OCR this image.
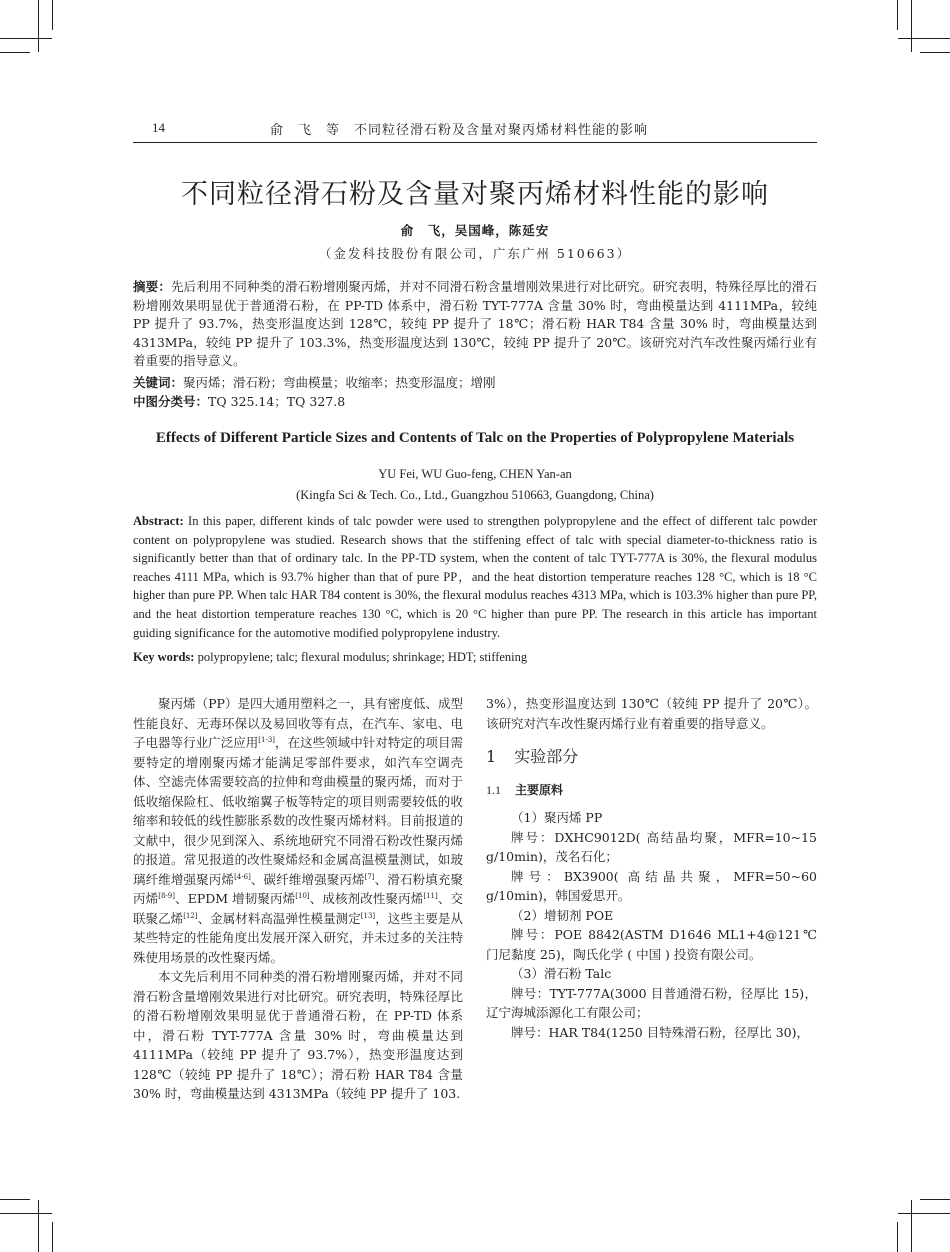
14	俞　飞　等　不同粒径滑石粉及含量对聚丙烯材料性能的影响
不同粒径滑石粉及含量对聚丙烯材料性能的影响
俞　飞，吴国峰，陈延安
（金发科技股份有限公司，广东广州 510663）
摘要：先后利用不同种类的滑石粉增刚聚丙烯，并对不同滑石粉含量增刚效果进行对比研究。研究表明，特殊径厚比的滑石粉增刚效果明显优于普通滑石粉，在 PP-TD 体系中，滑石粉 TYT-777A 含量 30% 时，弯曲模量达到 4111MPa，较纯 PP 提升了 93.7%，热变形温度达到 128℃，较纯 PP 提升了 18℃；滑石粉 HAR T84 含量 30% 时，弯曲模量达到 4313MPa，较纯 PP 提升了 103.3%，热变形温度达到 130℃，较纯 PP 提升了 20℃。该研究对汽车改性聚丙烯行业有着重要的指导意义。
关键词：聚丙烯；滑石粉；弯曲模量；收缩率；热变形温度；增刚
中图分类号：TQ 325.14；TQ 327.8
Effects of Different Particle Sizes and Contents of Talc on the Properties of Polypropylene Materials
YU Fei, WU Guo-feng, CHEN Yan-an
(Kingfa Sci & Tech. Co., Ltd., Guangzhou 510663, Guangdong, China)
Abstract: In this paper, different kinds of talc powder were used to strengthen polypropylene and the effect of different talc powder content on polypropylene was studied. Research shows that the stiffening effect of talc with special diameter-to-thickness ratio is significantly better than that of ordinary talc. In the PP-TD system, when the content of talc TYT-777A is 30%, the flexural modulus reaches 4111 MPa, which is 93.7% higher than that of pure PP，and the heat distortion temperature reaches 128 °C, which is 18 °C higher than pure PP. When talc HAR T84 content is 30%, the flexural modulus reaches 4313 MPa, which is 103.3% higher than pure PP, and the heat distortion temperature reaches 130 °C, which is 20 °C higher than pure PP. The research in this article has important guiding significance for the automotive modified polypropylene industry.
Key words: polypropylene; talc; flexural modulus; shrinkage; HDT; stiffening

聚丙烯（PP）是四大通用塑料之一，具有密度低、成型性能良好、无毒环保以及易回收等有点，在汽车、家电、电子电器等行业广泛应用[1-3]，在这些领域中针对特定的项目需要特定的增刚聚丙烯才能满足零部件要求，如汽车空调壳体、空滤壳体需要较高的拉伸和弯曲模量的聚丙烯，而对于低收缩保险杠、低收缩翼子板等特定的项目则需要较低的收缩率和较低的线性膨胀系数的改性聚丙烯材料。目前报道的文献中，很少见到深入、系统地研究不同滑石粉改性聚丙烯的报道。常见报道的改性聚烯烃和金属高温模量测试，如玻璃纤维增强聚丙烯[4-6]、碳纤维增强聚丙烯[7]、滑石粉填充聚丙烯[8-9]、EPDM 增韧聚丙烯[10]、成核剂改性聚丙烯[11]、交联聚乙烯[12]、金属材料高温弹性模量测定[13]，这些主要是从某些特定的性能角度出发展开深入研究，并未过多的关注特殊使用场景的改性聚丙烯。

本文先后利用不同种类的滑石粉增刚聚丙烯，并对不同滑石粉含量增刚效果进行对比研究。研究表明，特殊径厚比的滑石粉增刚效果明显优于普通滑石粉，在 PP-TD 体系中，滑石粉 TYT-777A 含量 30% 时，弯曲模量达到 4111MPa（较纯 PP 提升了 93.7%），热变形温度达到 128℃（较纯 PP 提升了 18℃）；滑石粉 HAR T84 含量 30% 时，弯曲模量达到 4313MPa（较纯 PP 提升了 103.

3%），热变形温度达到 130℃（较纯 PP 提升了 20℃）。该研究对汽车改性聚丙烯行业有着重要的指导意义。

1 实验部分
1.1 主要原料

（1）聚丙烯 PP

牌号：DXHC9012D( 高结晶均聚，MFR=10~15 g/10min)，茂名石化；

牌号：BX3900( 高结晶共聚，MFR=50~60 g/10min)，韩国爱思开。

（2）增韧剂 POE

牌号：POE 8842(ASTM D1646 ML1+4@121℃ 门尼黏度 25)，陶氏化学 ( 中国 ) 投资有限公司。

（3）滑石粉 Talc

牌号：TYT-777A(3000 目普通滑石粉，径厚比 15)，辽宁海城添源化工有限公司；

牌号：HAR T84(1250 目特殊滑石粉，径厚比 30)，
